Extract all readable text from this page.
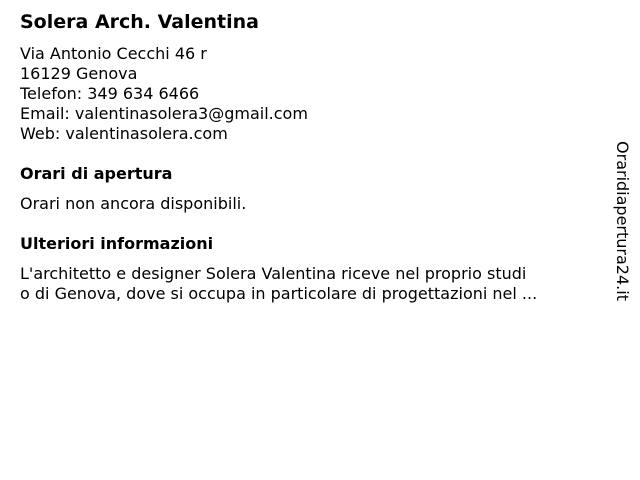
Solera Arch. Valentina
Via Antonio Cecchi 46 r
16129 Genova
Telefon: 349 634 6466
Email: valentinasolera3@gmail.com
Web: valentinasolera.com
Orari di apertura
Orari non ancora disponibili.
Ulteriori informazioni
L'architetto e designer Solera Valentina riceve nel proprio studi
o di Genova, dove si occupa in particolare di progettazioni nel ...	Oraridiapertura24.it
